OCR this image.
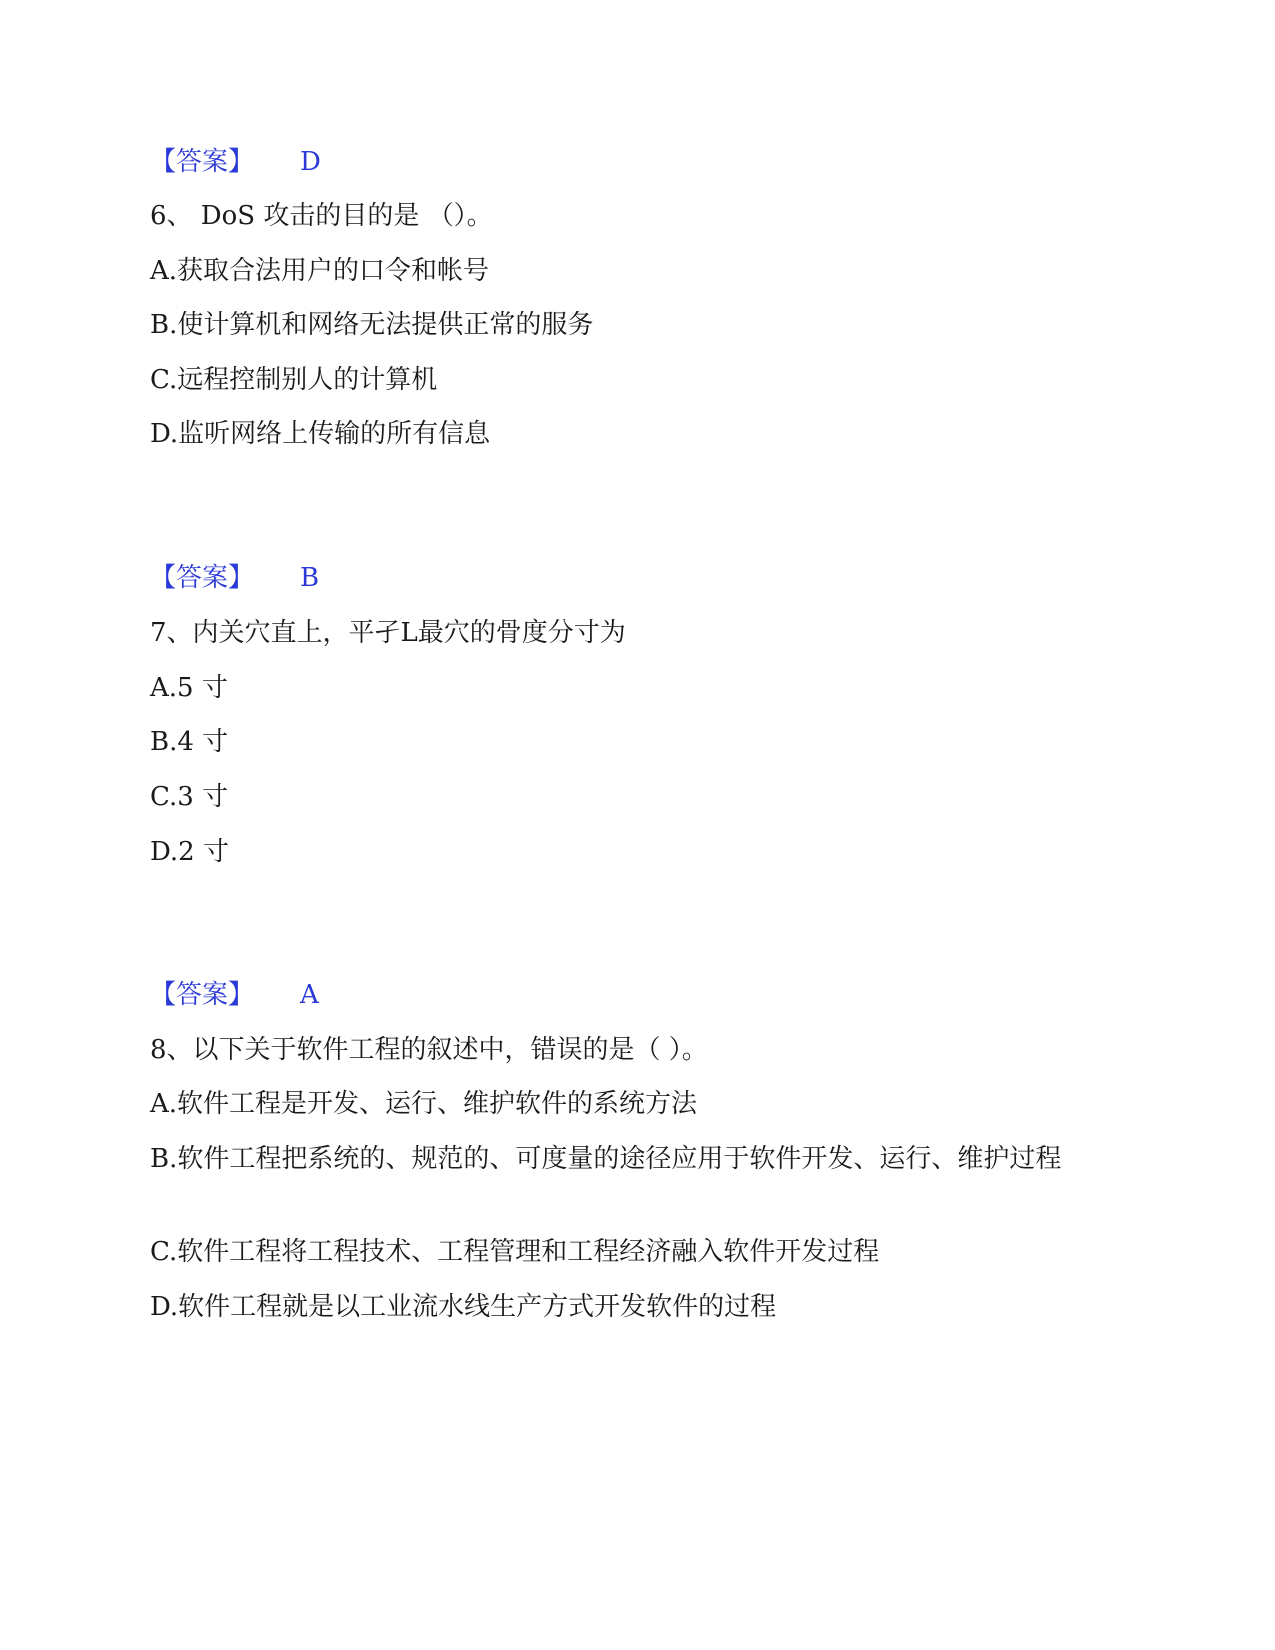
【答案】 D
6、 DoS 攻击的目的是 （）。
A.获取合法用户的口令和帐号
B.使计算机和网络无法提供正常的服务
C.远程控制别人的计算机
D.监听网络上传输的所有信息
【答案】 B
7、内关穴直上，平孑L最穴的骨度分寸为
A.5 寸
B.4 寸
C.3 寸
D.2 寸
【答案】 A
8、以下关于软件工程的叙述中，错误的是（ ）。
A.软件工程是开发、运行、维护软件的系统方法
B.软件工程把系统的、规范的、可度量的途径应用于软件开发、运行、维护过程
C.软件工程将工程技术、工程管理和工程经济融入软件开发过程
D.软件工程就是以工业流水线生产方式开发软件的过程
